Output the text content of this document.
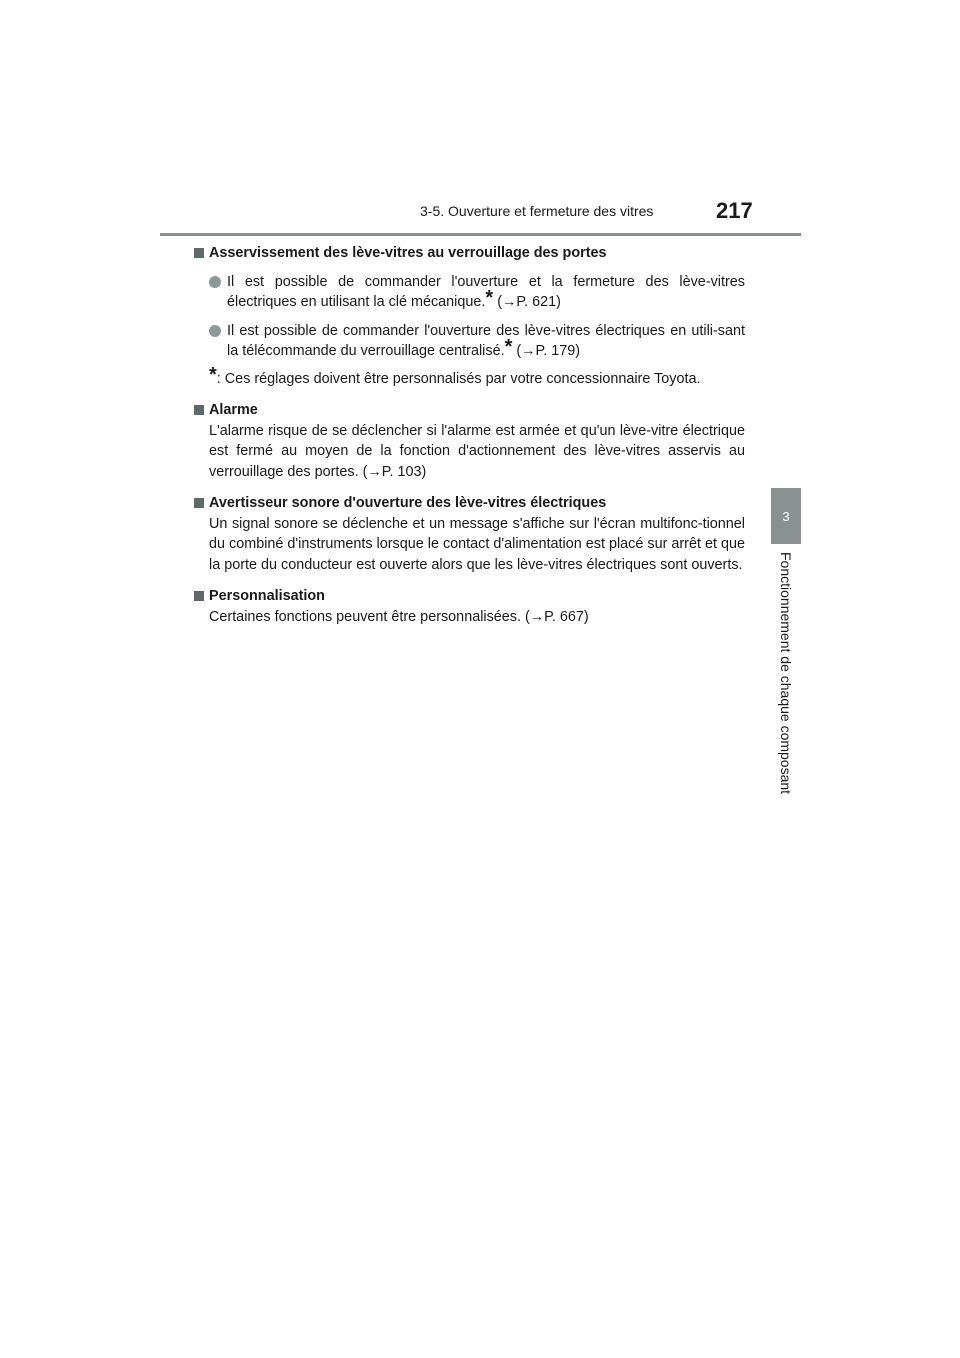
3-5. Ouverture et fermeture des vitres	217
3
Fonctionnement de chaque composant

Asservissement des lève-vitres au verrouillage des portes

Il est possible de commander l'ouverture et la fermeture des lève-vitres électriques en utilisant la clé mécanique.* (→P. 621)
Il est possible de commander l'ouverture des lève-vitres électriques en utili-sant la télécommande du verrouillage centralisé.* (→P. 179)
*: Ces réglages doivent être personnalisés par votre concessionnaire Toyota.

Alarme

L'alarme risque de se déclencher si l'alarme est armée et qu'un lève-vitre électrique est fermé au moyen de la fonction d'actionnement des lève-vitres asservis au verrouillage des portes. (→P. 103)

Avertisseur sonore d'ouverture des lève-vitres électriques

Un signal sonore se déclenche et un message s'affiche sur l'écran multifonc-tionnel du combiné d'instruments lorsque le contact d'alimentation est placé sur arrêt et que la porte du conducteur est ouverte alors que les lève-vitres électriques sont ouverts.

Personnalisation

Certaines fonctions peuvent être personnalisées. (→P. 667)
